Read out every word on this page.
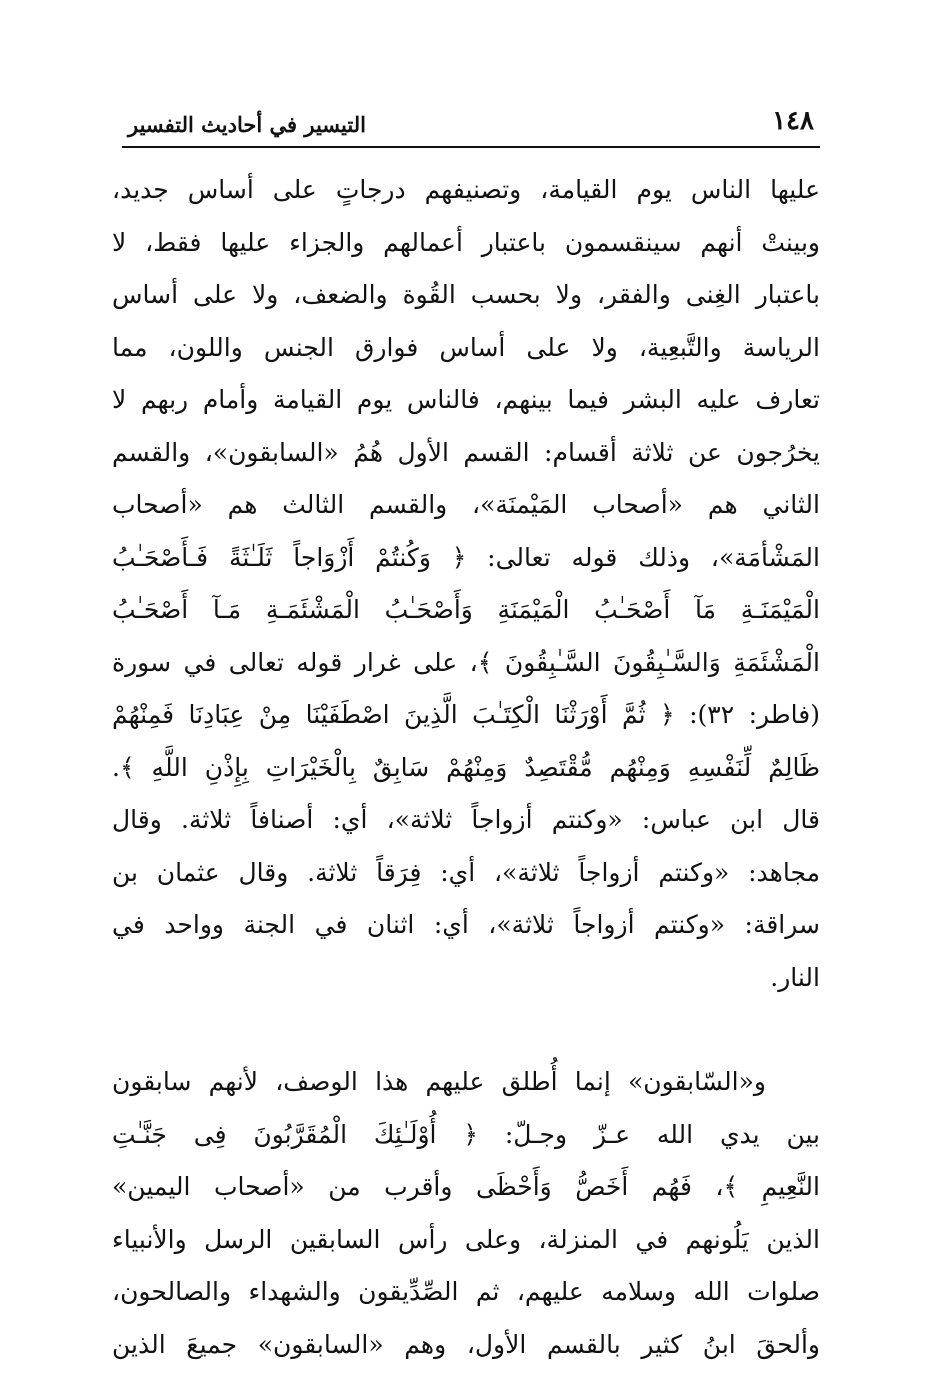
١٤٨
التيسير في أحاديث التفسير
عليها الناس يوم القيامة، وتصنيفهم درجاتٍ على أساس جديد،
وبينتْ أنهم سينقسمون باعتبار أعمالهم والجزاء عليها فقط، لا
باعتبار الغِنى والفقر، ولا بحسب القُوة والضعف، ولا على أساس
الرياسة والتَّبعِية، ولا على أساس فوارق الجنس واللون، مما
تعارف عليه البشر فيما بينهم، فالناس يوم القيامة وأمام ربهم لا
يخرُجون عن ثلاثة أقسام: القسم الأول هُمُ «السابقون»، والقسم
الثاني هم «أصحاب المَيْمنَة»، والقسم الثالث هم «أصحاب
المَشْأمَة»، وذلك قوله تعالى: ﴿ وَكُنتُمْ أَزْوَاجاً ثَلَـٰثَةً فَـأَصْحَـٰبُ
الْمَيْمَنَـةِ مَآ أَصْحَـٰبُ الْمَيْمَنَةِ وَأَصْحَـٰبُ الْمَشْئَمَـةِ مَـآ أَصْحَـٰبُ
الْمَشْئَمَةِ وَالسَّـٰبِقُونَ السَّـٰبِقُونَ ﴾، على غرار قوله تعالى في سورة
(فاطر: ٣٢): ﴿ ثُمَّ أَوْرَثْنَا الْكِتَـٰبَ الَّذِينَ اصْطَفَيْنَا مِنْ عِبَادِنَا فَمِنْهُمْ
ظَالِمٌ لِّنَفْسِهِ وَمِنْهُم مُّقْتَصِدٌ وَمِنْهُمْ سَابِقٌ بِالْخَيْرَاتِ بِإِذْنِ اللَّهِ ﴾.
قال ابن عباس: «وكنتم أزواجاً ثلاثة»، أي: أصنافاً ثلاثة. وقال
مجاهد: «وكنتم أزواجاً ثلاثة»، أي: فِرَقاً ثلاثة. وقال عثمان بن
سراقة: «وكنتم أزواجاً ثلاثة»، أي: اثنان في الجنة وواحد في
النار.
و«السّابقون» إنما أُطلق عليهم هذا الوصف، لأنهم سابقون
بين يدي الله عـزّ وجـلّ: ﴿ أُوْلَـٰئِكَ الْمُقَرَّبُونَ فِى جَنَّـٰتِ
النَّعِيمِ ﴾، فَهُم أَخَصُّ وَأَحْظَى وأقرب من «أصحاب اليمين»
الذين يَلُونهم في المنزلة، وعلى رأس السابقين الرسل والأنبياء
صلوات الله وسلامه عليهم، ثم الصِّدِّيقون والشهداء والصالحون،
وألحقَ ابنُ كثير بالقسم الأول، وهم «السابقون» جميعَ الذين
